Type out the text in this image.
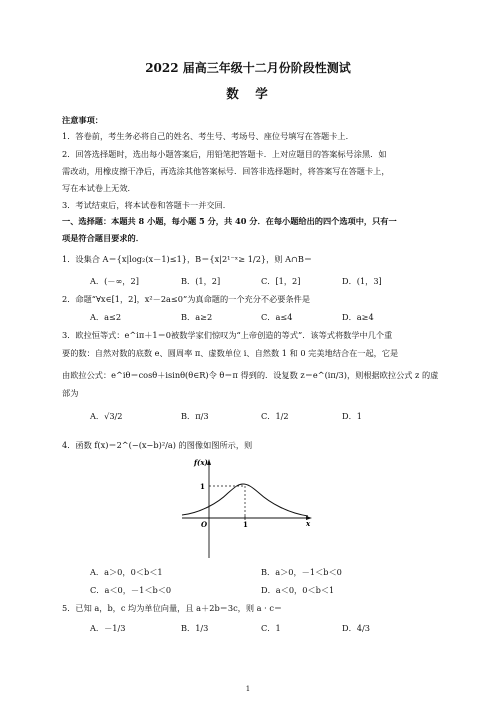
2022 届高三年级十二月份阶段性测试
数　学
注意事项：
1．答卷前，考生务必将自己的姓名、考生号、考场号、座位号填写在答题卡上．
2．回答选择题时，选出每小题答案后，用铅笔把答题卡．上对应题目的答案标号涂黑．如
需改动，用橡皮擦干净后，再选涂其他答案标号．回答非选择题时，将答案写在答题卡上，
写在本试卷上无效．
3．考试结束后，将本试卷和答题卡一并交回．
一、选择题：本题共 8 小题，每小题 5 分，共 40 分．在每小题给出的四个选项中，只有一
项是符合题目要求的．
1．设集合 A＝{x|log₂(x－1)≤1}，B＝{x|2¹⁻ˣ≥ 1/2}，则 A∩B＝
A．(－∞，2]	B．(1，2]	C．[1，2]	D．(1，3]
2．命题“∀x∈[1，2]，x²－2a≤0”为真命题的一个充分不必要条件是
A．a≤2	B．a≥2	C．a≤4	D．a≥4
3．欧拉恒等式：e^iπ＋1＝0被数学家们惊叹为“上帝创造的等式”．该等式将数学中几个重
要的数：自然对数的底数 e、圆周率 π、虚数单位 i、自然数 1 和 0 完美地结合在一起，它是
由欧拉公式：e^iθ＝cosθ＋isinθ(θ∈R)令 θ＝π 得到的．设复数 z＝e^(iπ/3)，则根据欧拉公式 z 的虚
部为
A．√3/2	B．π/3	C．1/2	D．1
4．函数 f(x)＝2^(−(x−b)²/a) 的图像如图所示，则
f(x)
1
O	1	x
A．a＞0，0＜b＜1	B．a＞0，－1＜b＜0
C．a＜0，－1＜b＜0	D．a＜0，0＜b＜1
5．已知 a，b，c 均为单位向量，且 a＋2b＝3c，则 a · c＝
A．－1/3	B．1/3	C．1	D．4/3
1
